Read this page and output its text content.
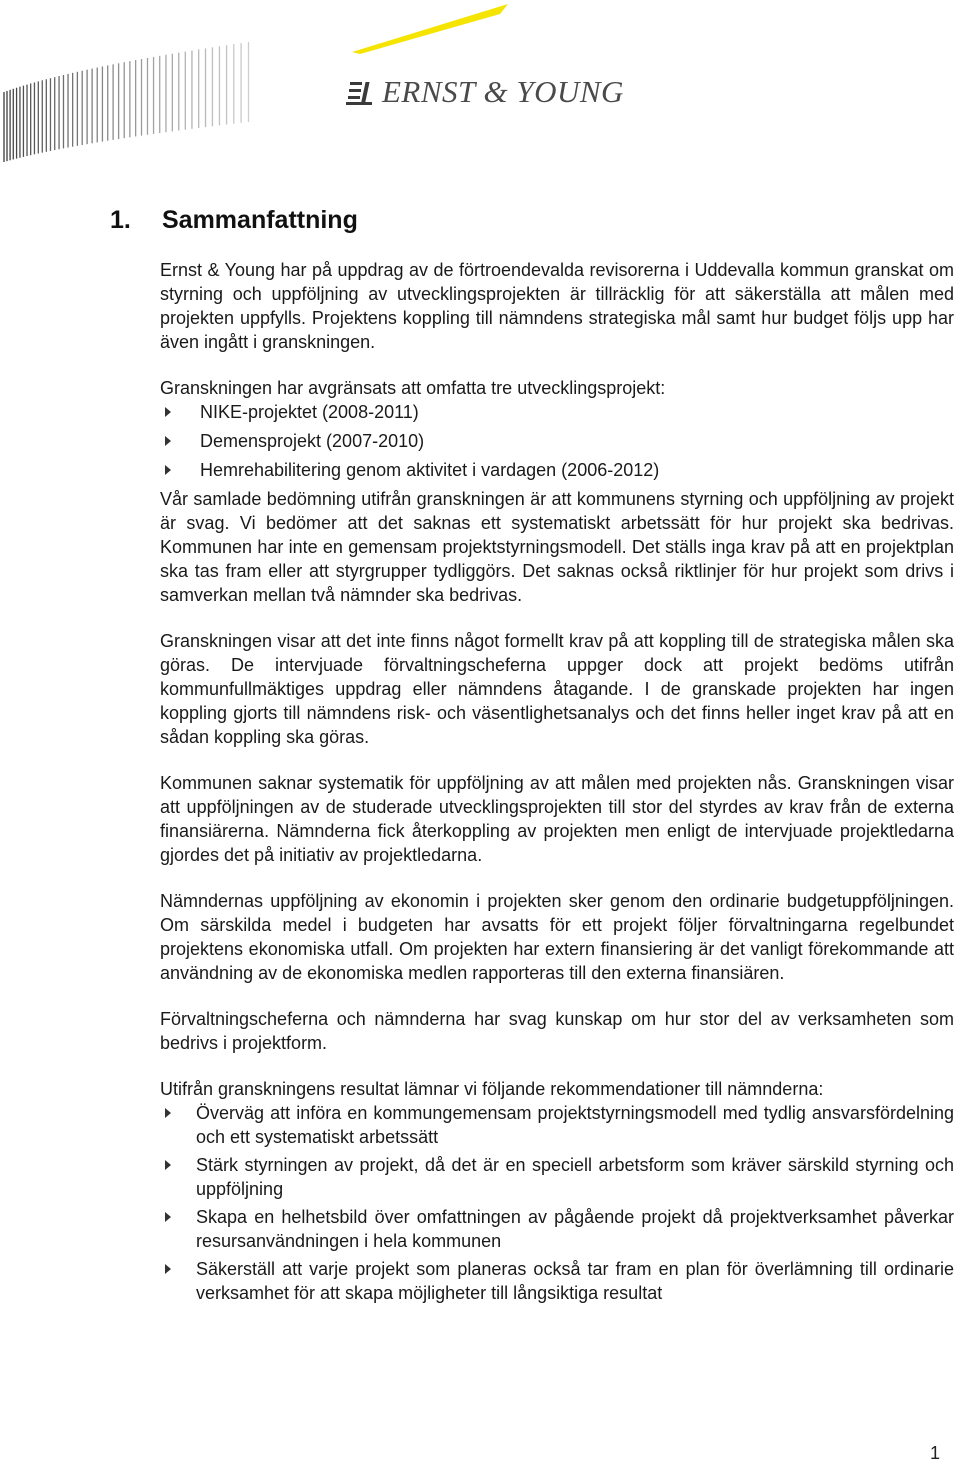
ERNST & YOUNG
1. Sammanfattning

Ernst & Young har på uppdrag av de förtroendevalda revisorerna i Uddevalla kommun granskat om styrning och uppföljning av utvecklingsprojekten är tillräcklig för att säkerställa att målen med projekten uppfylls. Projektens koppling till nämndens strategiska mål samt hur budget följs upp har även ingått i granskningen.

Granskningen har avgränsats att omfatta tre utvecklingsprojekt:

NIKE-projektet (2008-2011)
Demensprojekt (2007-2010)
Hemrehabilitering genom aktivitet i vardagen (2006-2012)

Vår samlade bedömning utifrån granskningen är att kommunens styrning och uppföljning av projekt är svag. Vi bedömer att det saknas ett systematiskt arbetssätt för hur projekt ska bedrivas. Kommunen har inte en gemensam projektstyrningsmodell. Det ställs inga krav på att en projektplan ska tas fram eller att styrgrupper tydliggörs. Det saknas också riktlinjer för hur projekt som drivs i samverkan mellan två nämnder ska bedrivas.

Granskningen visar att det inte finns något formellt krav på att koppling till de strategiska målen ska göras. De intervjuade förvaltningscheferna uppger dock att projekt bedöms utifrån kommunfullmäktiges uppdrag eller nämndens åtagande. I de granskade projekten har ingen koppling gjorts till nämndens risk- och väsentlighetsanalys och det finns heller inget krav på att en sådan koppling ska göras.

Kommunen saknar systematik för uppföljning av att målen med projekten nås. Granskningen visar att uppföljningen av de studerade utvecklingsprojekten till stor del styrdes av krav från de externa finansiärerna. Nämnderna fick återkoppling av projekten men enligt de intervjuade projektledarna gjordes det på initiativ av projektledarna.

Nämndernas uppföljning av ekonomin i projekten sker genom den ordinarie budgetuppföljningen. Om särskilda medel i budgeten har avsatts för ett projekt följer förvaltningarna regelbundet projektens ekonomiska utfall. Om projekten har extern finansiering är det vanligt förekommande att användning av de ekonomiska medlen rapporteras till den externa finansiären.

Förvaltningscheferna och nämnderna har svag kunskap om hur stor del av verksamheten som bedrivs i projektform.

Utifrån granskningens resultat lämnar vi följande rekommendationer till nämnderna:

Överväg att införa en kommungemensam projektstyrningsmodell med tydlig ansvarsfördelning och ett systematiskt arbetssätt
Stärk styrningen av projekt, då det är en speciell arbetsform som kräver särskild styrning och uppföljning
Skapa en helhetsbild över omfattningen av pågående projekt då projektverksamhet påverkar resursanvändningen i hela kommunen
Säkerställ att varje projekt som planeras också tar fram en plan för överlämning till ordinarie verksamhet för att skapa möjligheter till långsiktiga resultat
1
